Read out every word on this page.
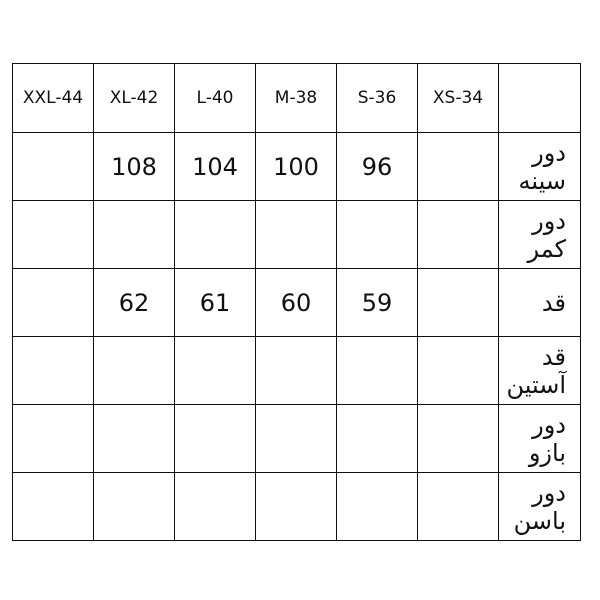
XXL-44	XL-42	L-40	M-38	S-36	XS-34	
	108	104	100	96		دور سینه
						دور کمر
	62	61	60	59		قد
						قد آستین
						دور بازو
						دور باسن
